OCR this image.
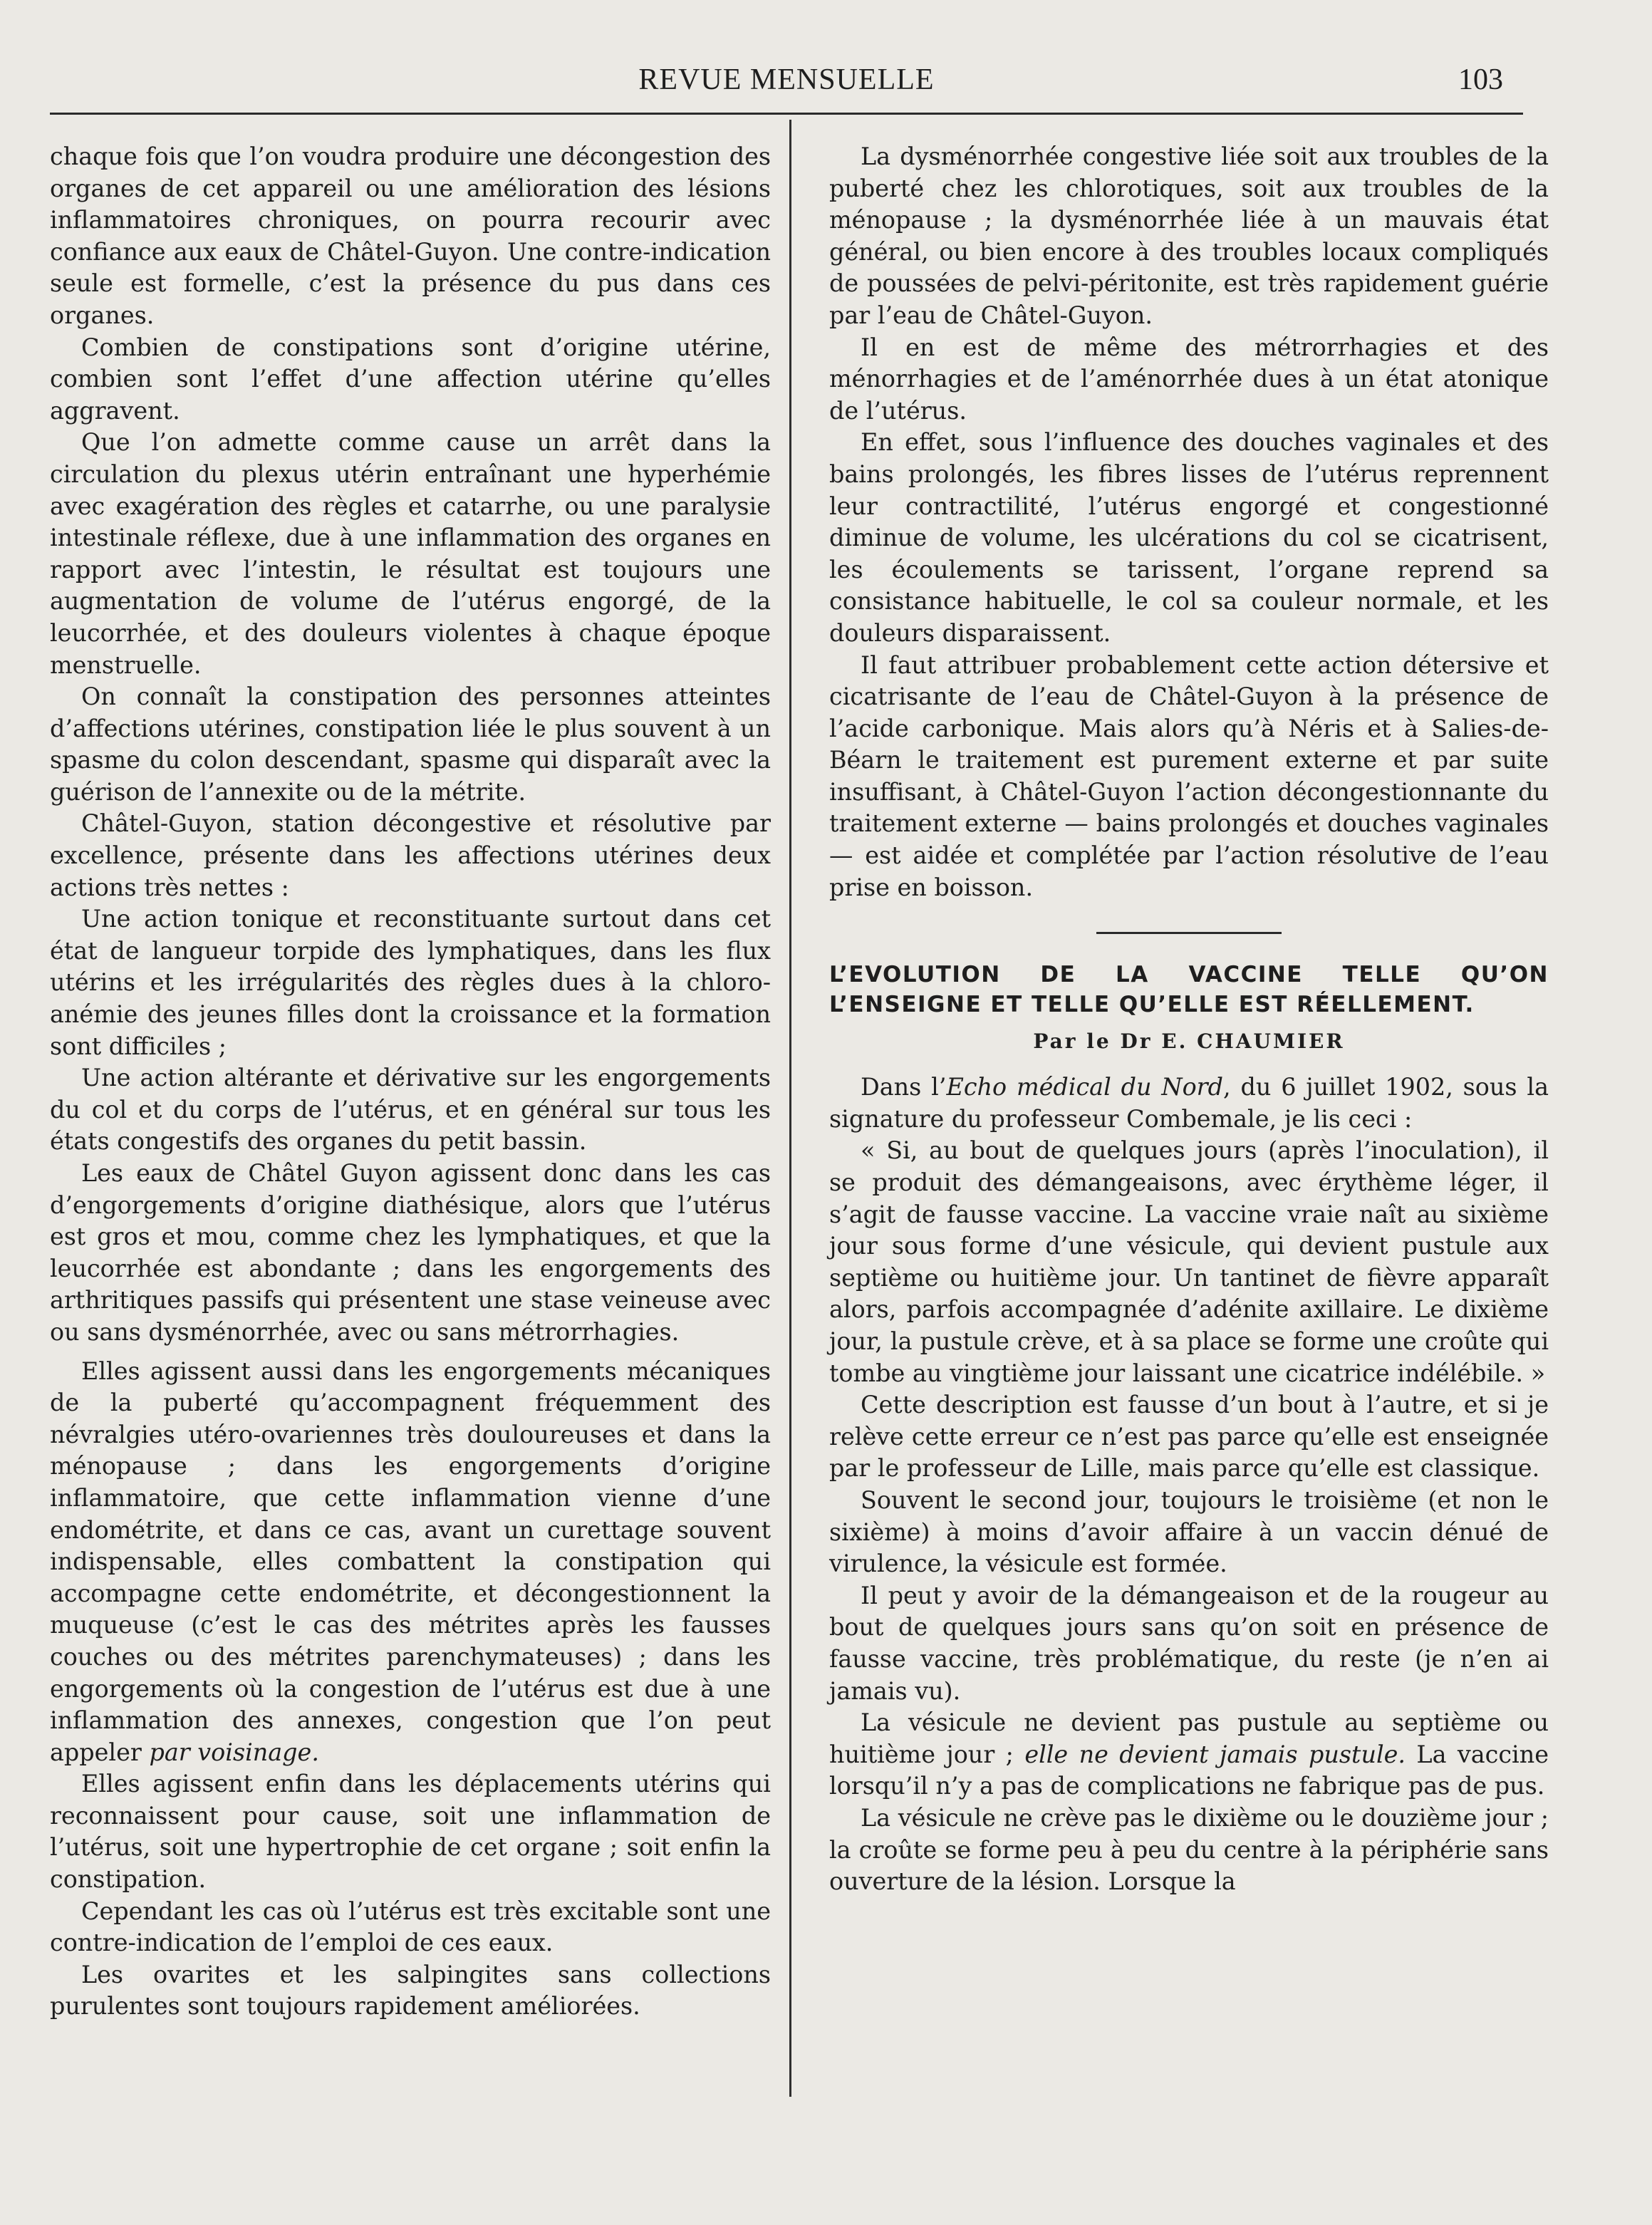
REVUE MENSUELLE	103

chaque fois que l’on voudra produire une décongestion des organes de cet appareil ou une amélioration des lésions inflammatoires chroniques, on pourra recourir avec confiance aux eaux de Châtel-Guyon. Une contre-indication seule est formelle, c’est la présence du pus dans ces organes.

Combien de constipations sont d’origine utérine, combien sont l’effet d’une affection utérine qu’elles aggravent.

Que l’on admette comme cause un arrêt dans la circulation du plexus utérin entraînant une hyperhémie avec exagération des règles et catarrhe, ou une paralysie intestinale réflexe, due à une inflammation des organes en rapport avec l’intestin, le résultat est toujours une augmentation de volume de l’utérus engorgé, de la leucorrhée, et des douleurs violentes à chaque époque menstruelle.

On connaît la constipation des personnes atteintes d’affections utérines, constipation liée le plus souvent à un spasme du colon descendant, spasme qui disparaît avec la guérison de l’annexite ou de la métrite.

Châtel-Guyon, station décongestive et résolutive par excellence, présente dans les affections utérines deux actions très nettes :

Une action tonique et reconstituante surtout dans cet état de langueur torpide des lymphatiques, dans les flux utérins et les irrégularités des règles dues à la chloro-anémie des jeunes filles dont la croissance et la formation sont difficiles ;

Une action altérante et dérivative sur les engorgements du col et du corps de l’utérus, et en général sur tous les états congestifs des organes du petit bassin.

Les eaux de Châtel Guyon agissent donc dans les cas d’engorgements d’origine diathésique, alors que l’utérus est gros et mou, comme chez les lymphatiques, et que la leucorrhée est abondante ; dans les engorgements des arthritiques passifs qui présentent une stase veineuse avec ou sans dysménorrhée, avec ou sans métrorrhagies.

Elles agissent aussi dans les engorgements mécaniques de la puberté qu’accompagnent fréquemment des névralgies utéro-ovariennes très douloureuses et dans la ménopause ; dans les engorgements d’origine inflammatoire, que cette inflammation vienne d’une endométrite, et dans ce cas, avant un curettage souvent indispensable, elles combattent la constipation qui accompagne cette endométrite, et décongestionnent la muqueuse (c’est le cas des métrites après les fausses couches ou des métrites parenchymateuses) ; dans les engorgements où la congestion de l’utérus est due à une inflammation des annexes, congestion que l’on peut appeler par voisinage.

Elles agissent enfin dans les déplacements utérins qui reconnaissent pour cause, soit une inflammation de l’utérus, soit une hypertrophie de cet organe ; soit enfin la constipation.

Cependant les cas où l’utérus est très excitable sont une contre-indication de l’emploi de ces eaux.

Les ovarites et les salpingites sans collections purulentes sont toujours rapidement améliorées.

La dysménorrhée congestive liée soit aux troubles de la puberté chez les chlorotiques, soit aux troubles de la ménopause ; la dysménorrhée liée à un mauvais état général, ou bien encore à des troubles locaux compliqués de poussées de pelvi-péritonite, est très rapidement guérie par l’eau de Châtel-Guyon.

Il en est de même des métrorrhagies et des ménorrhagies et de l’aménorrhée dues à un état atonique de l’utérus.

En effet, sous l’influence des douches vaginales et des bains prolongés, les fibres lisses de l’utérus reprennent leur contractilité, l’utérus engorgé et congestionné diminue de volume, les ulcérations du col se cicatrisent, les écoulements se tarissent, l’organe reprend sa consistance habituelle, le col sa couleur normale, et les douleurs disparaissent.

Il faut attribuer probablement cette action détersive et cicatrisante de l’eau de Châtel-Guyon à la présence de l’acide carbonique. Mais alors qu’à Néris et à Salies-de-Béarn le traitement est purement externe et par suite insuffisant, à Châtel-Guyon l’action décongestionnante du traitement externe — bains prolongés et douches vaginales — est aidée et complétée par l’action résolutive de l’eau prise en boisson.

L’EVOLUTION DE LA VACCINE TELLE QU’ON L’ENSEIGNE ET TELLE QU’ELLE EST RÉELLEMENT.
Par le Dr E. CHAUMIER

Dans l’Echo médical du Nord, du 6 juillet 1902, sous la signature du professeur Combemale, je lis ceci :

« Si, au bout de quelques jours (après l’inoculation), il se produit des démangeaisons, avec érythème léger, il s’agit de fausse vaccine. La vaccine vraie naît au sixième jour sous forme d’une vésicule, qui devient pustule aux septième ou huitième jour. Un tantinet de fièvre apparaît alors, parfois accompagnée d’adénite axillaire. Le dixième jour, la pustule crève, et à sa place se forme une croûte qui tombe au vingtième jour laissant une cicatrice indélébile. »

Cette description est fausse d’un bout à l’autre, et si je relève cette erreur ce n’est pas parce qu’elle est enseignée par le professeur de Lille, mais parce qu’elle est classique.

Souvent le second jour, toujours le troisième (et non le sixième) à moins d’avoir affaire à un vaccin dénué de virulence, la vésicule est formée.

Il peut y avoir de la démangeaison et de la rougeur au bout de quelques jours sans qu’on soit en présence de fausse vaccine, très problématique, du reste (je n’en ai jamais vu).

La vésicule ne devient pas pustule au septième ou huitième jour ; elle ne devient jamais pustule. La vaccine lorsqu’il n’y a pas de complications ne fabrique pas de pus.

La vésicule ne crève pas le dixième ou le douzième jour ; la croûte se forme peu à peu du centre à la périphérie sans ouverture de la lésion. Lorsque la
